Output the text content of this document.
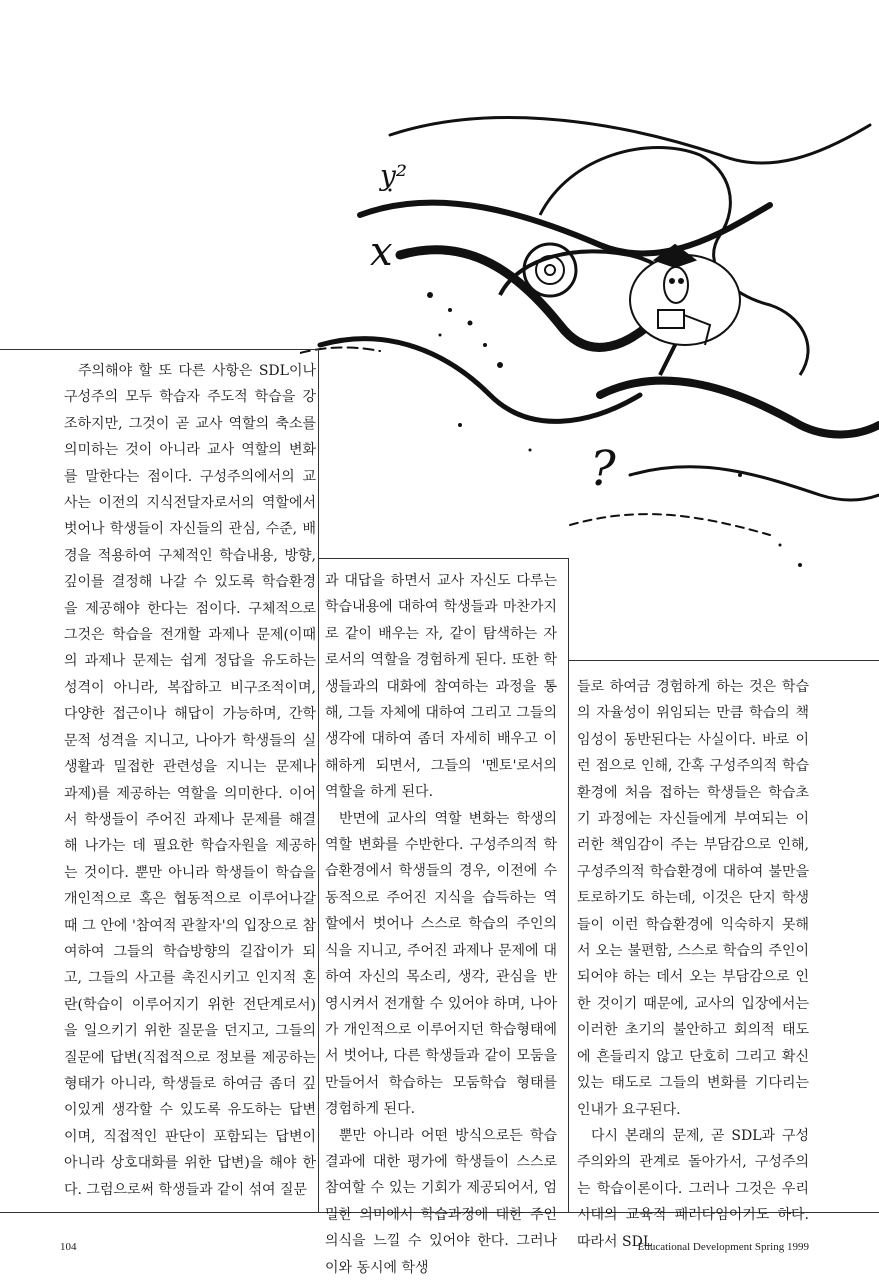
y²
x
?

주의해야 할 또 다른 사항은 SDL이나 구성주의 모두 학습자 주도적 학습을 강조하지만, 그것이 곧 교사 역할의 축소를 의미하는 것이 아니라 교사 역할의 변화를 말한다는 점이다. 구성주의에서의 교사는 이전의 지식전달자로서의 역할에서 벗어나 학생들이 자신들의 관심, 수준, 배경을 적용하여 구체적인 학습내용, 방향, 깊이를 결정해 나갈 수 있도록 학습환경을 제공해야 한다는 점이다. 구체적으로 그것은 학습을 전개할 과제나 문제(이때의 과제나 문제는 쉽게 정답을 유도하는 성격이 아니라, 복잡하고 비구조적이며, 다양한 접근이나 해답이 가능하며, 간학문적 성격을 지니고, 나아가 학생들의 실생활과 밀접한 관련성을 지니는 문제나 과제)를 제공하는 역할을 의미한다. 이어서 학생들이 주어진 과제나 문제를 해결해 나가는 데 필요한 학습자원을 제공하는 것이다. 뿐만 아니라 학생들이 학습을 개인적으로 혹은 협동적으로 이루어나갈 때 그 안에 '참여적 관찰자'의 입장으로 참여하여 그들의 학습방향의 길잡이가 되고, 그들의 사고를 촉진시키고 인지적 혼란(학습이 이루어지기 위한 전단계로서)을 일으키기 위한 질문을 던지고, 그들의 질문에 답변(직접적으로 정보를 제공하는 형태가 아니라, 학생들로 하여금 좀더 깊이있게 생각할 수 있도록 유도하는 답변이며, 직접적인 판단이 포함되는 답변이 아니라 상호대화를 위한 답변)을 해야 한다. 그럼으로써 학생들과 같이 섞여 질문

과 대답을 하면서 교사 자신도 다루는 학습내용에 대하여 학생들과 마찬가지로 같이 배우는 자, 같이 탐색하는 자로서의 역할을 경험하게 된다. 또한 학생들과의 대화에 참여하는 과정을 통해, 그들 자체에 대하여 그리고 그들의 생각에 대하여 좀더 자세히 배우고 이해하게 되면서, 그들의 '멘토'로서의 역할을 하게 된다.

반면에 교사의 역할 변화는 학생의 역할 변화를 수반한다. 구성주의적 학습환경에서 학생들의 경우, 이전에 수동적으로 주어진 지식을 습득하는 역할에서 벗어나 스스로 학습의 주인의식을 지니고, 주어진 과제나 문제에 대하여 자신의 목소리, 생각, 관심을 반영시켜서 전개할 수 있어야 하며, 나아가 개인적으로 이루어지던 학습형태에서 벗어나, 다른 학생들과 같이 모둠을 만들어서 학습하는 모둠학습 형태를 경험하게 된다.

뿐만 아니라 어떤 방식으로든 학습결과에 대한 평가에 학생들이 스스로 참여할 수 있는 기회가 제공되어서, 엄밀한 의미에서 학습과정에 대한 주인의식을 느낄 수 있어야 한다. 그러나 이와 동시에 학생

들로 하여금 경험하게 하는 것은 학습의 자율성이 위임되는 만큼 학습의 책임성이 동반된다는 사실이다. 바로 이런 점으로 인해, 간혹 구성주의적 학습환경에 처음 접하는 학생들은 학습초기 과정에는 자신들에게 부여되는 이러한 책임감이 주는 부담감으로 인해, 구성주의적 학습환경에 대하여 불만을 토로하기도 하는데, 이것은 단지 학생들이 이런 학습환경에 익숙하지 못해서 오는 불편함, 스스로 학습의 주인이 되어야 하는 데서 오는 부담감으로 인한 것이기 때문에, 교사의 입장에서는 이러한 초기의 불안하고 회의적 태도에 흔들리지 않고 단호히 그리고 확신 있는 태도로 그들의 변화를 기다리는 인내가 요구된다.

다시 본래의 문제, 곧 SDL과 구성주의와의 관계로 돌아가서, 구성주의는 학습이론이다. 그러나 그것은 우리시대의 교육적 패러다임이기도 하다. 따라서 SDL

104	Educational Development Spring 1999
